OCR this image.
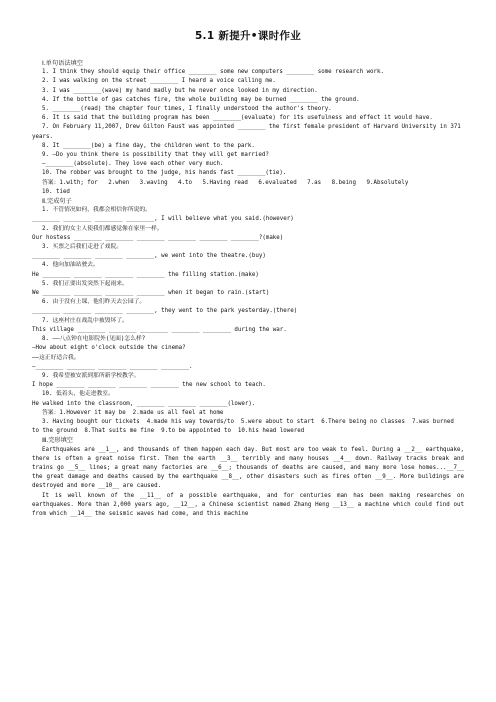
5.1 新提升•课时作业

Ⅰ.单句语法填空

1. I think they should equip their office ________ some new computers ________ some research work.

2. I was walking on the street ________ I heard a voice calling me.

3. I was ________(wave) my hand madly but he never once looked in my direction.

4. If the bottle of gas catches fire, the whole building may be burned ________ the ground.

5. ________(read) the chapter four times, I finally understood the author's theory.

6. It is said that the building program has been ________(evaluate) for its usefulness and effect it would have.

7. On February 11,2007, Drew Gilton Faust was appointed ________ the first female president of Harvard University in 371 years.

8. It ________(be) a fine day, the children went to the park.

9. —Do you think there is possibility that they will get married?

—________(absolute). They love each other very much.

10. The robber was brought to the judge, his hands fast ________(tie).

答案：1.with; for   2.when   3.waving   4.to   5.Having read   6.evaluated   7.as   8.being   9.Absolutely

10. tied

Ⅱ.完成句子

1. 不管情况如何，我都会相信你所说的。

________ ________ ________ ________, I will believe what you said.(however)

2. 我们的女主人使我们都感觉像在家里一样。

Our hostess ________ ________ ________ ________ ________ ________?(make)

3. 买票之后我们走进了戏院。

________ ________ ________ ________, we went into the theatre.(buy)

4. 他向加油站驶去。

He ________ ________ ________ ________ the filling station.(make)

5. 我们正要出发突然下起雨来。

We ________ ________ ________ ________ when it began to rain.(start)

6. 由于没有上课，他们昨天去公园了。

________ ________ ________ ________, they went to the park yesterday.(there)

7. 这座村庄在战乱中被毁坏了。

This village ________ ________ ________ ________ ________ during the war.

8. ——八点钟在电影院外(见面)怎么样?

—How about eight o'clock outside the cinema?

——这正好适合我。

—________ ________ ________ ________ ________.

9. 我希望被安派到那所新学校教学。

I hope ________ ________ ________ ________ the new school to teach.

10. 低着头，他走进教室。

He walked into the classroom, ________ ________ ________(lower).

答案：1.However it may be  2.made us all feel at home

3. Having bought our tickets  4.made his way towards/to  5.were about to start  6.There being no classes  7.was burned to the ground  8.That suits me fine  9.to be appointed to  10.his head lowered

Ⅲ.完形填空

Earthquakes are __1__, and thousands of them happen each day. But most are too weak to feel. During a __2__ earthquake, there is often a great noise first. Then the earth __3__ terribly and many houses __4__ down. Railway tracks break and trains go __5__ lines; a great many factories are __6__; thousands of deaths are caused, and many more lose homes...__7__ the great damage and deaths caused by the earthquake __8__, other disasters such as fires often __9__. More buildings are destroyed and more __10__ are caused.

It is well known of the __11__ of a possible earthquake, and for centuries man has been making researches on earthquakes. More than 2,000 years ago, __12__, a Chinese scientist named Zhang Heng __13__ a machine which could find out from which __14__ the seismic waves had come, and this machine
